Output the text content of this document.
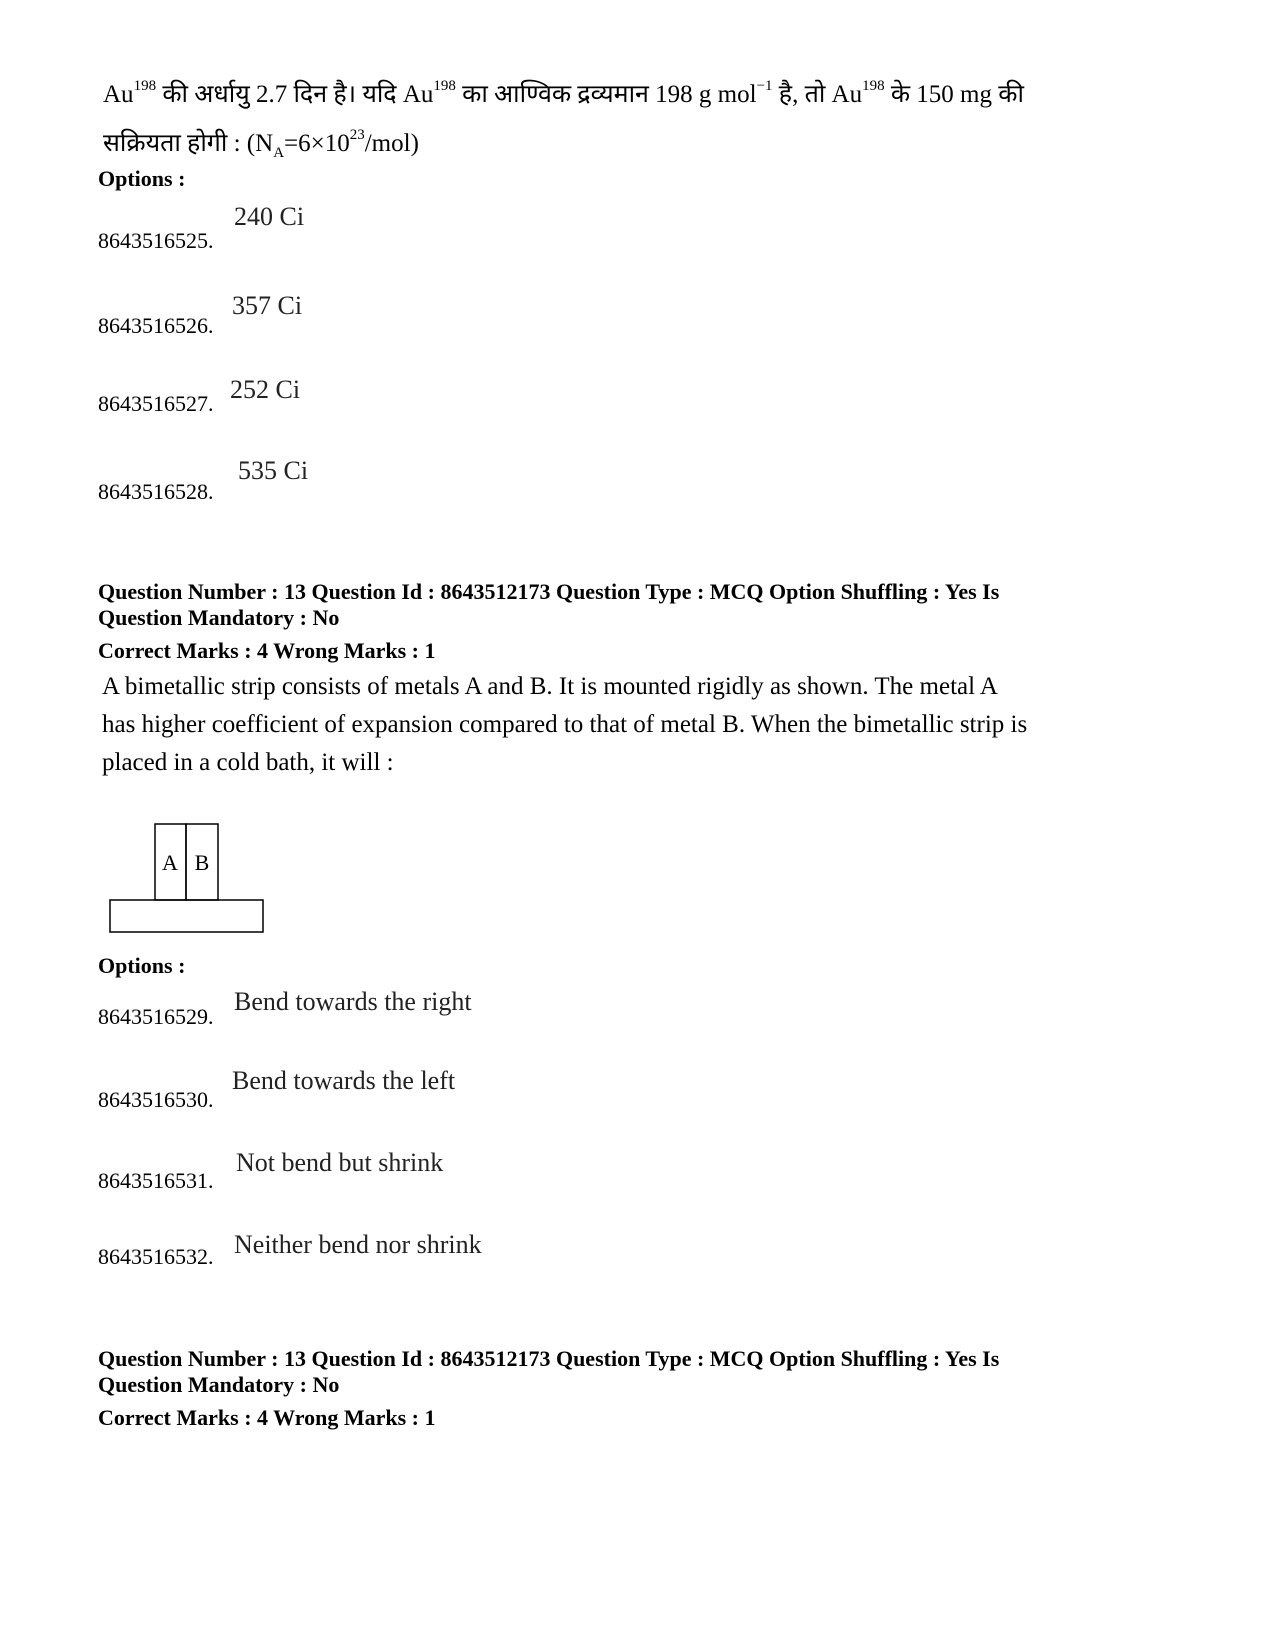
Au$^{198}$ की अर्धायु 2.7 दिन है। यदि Au$^{198}$ का आण्विक द्रव्यमान 198 g mol$^{-1}$ है, तो Au$^{198}$ के 150 mg की
सक्रियता होगी : $(N_A=6\times 10^{23}/mol)$
Options :
8643516525.
240 Ci
8643516526.
357 Ci
8643516527. 252 Ci
8643516528.
535 Ci
Question Number : 13 Question Id : 8643512173 Question Type : MCQ Option Shuffling : Yes Is
Question Mandatory : No
Correct Marks : 4 Wrong Marks : 1
A bimetallic strip consists of metals A and B. It is mounted rigidly as shown. The metal A
has higher coefficient of expansion compared to that of metal B. When the bimetallic strip is
placed in a cold bath, it will :
A B
Options :
8643516529.
Bend towards the right
8643516530.
Bend towards the left
8643516531.
Not bend but shrink
8643516532. Neither bend nor shrink
Question Number : 13 Question Id : 8643512173 Question Type : MCQ Option Shuffling : Yes Is
Question Mandatory : No
Correct Marks : 4 Wrong Marks : 1
